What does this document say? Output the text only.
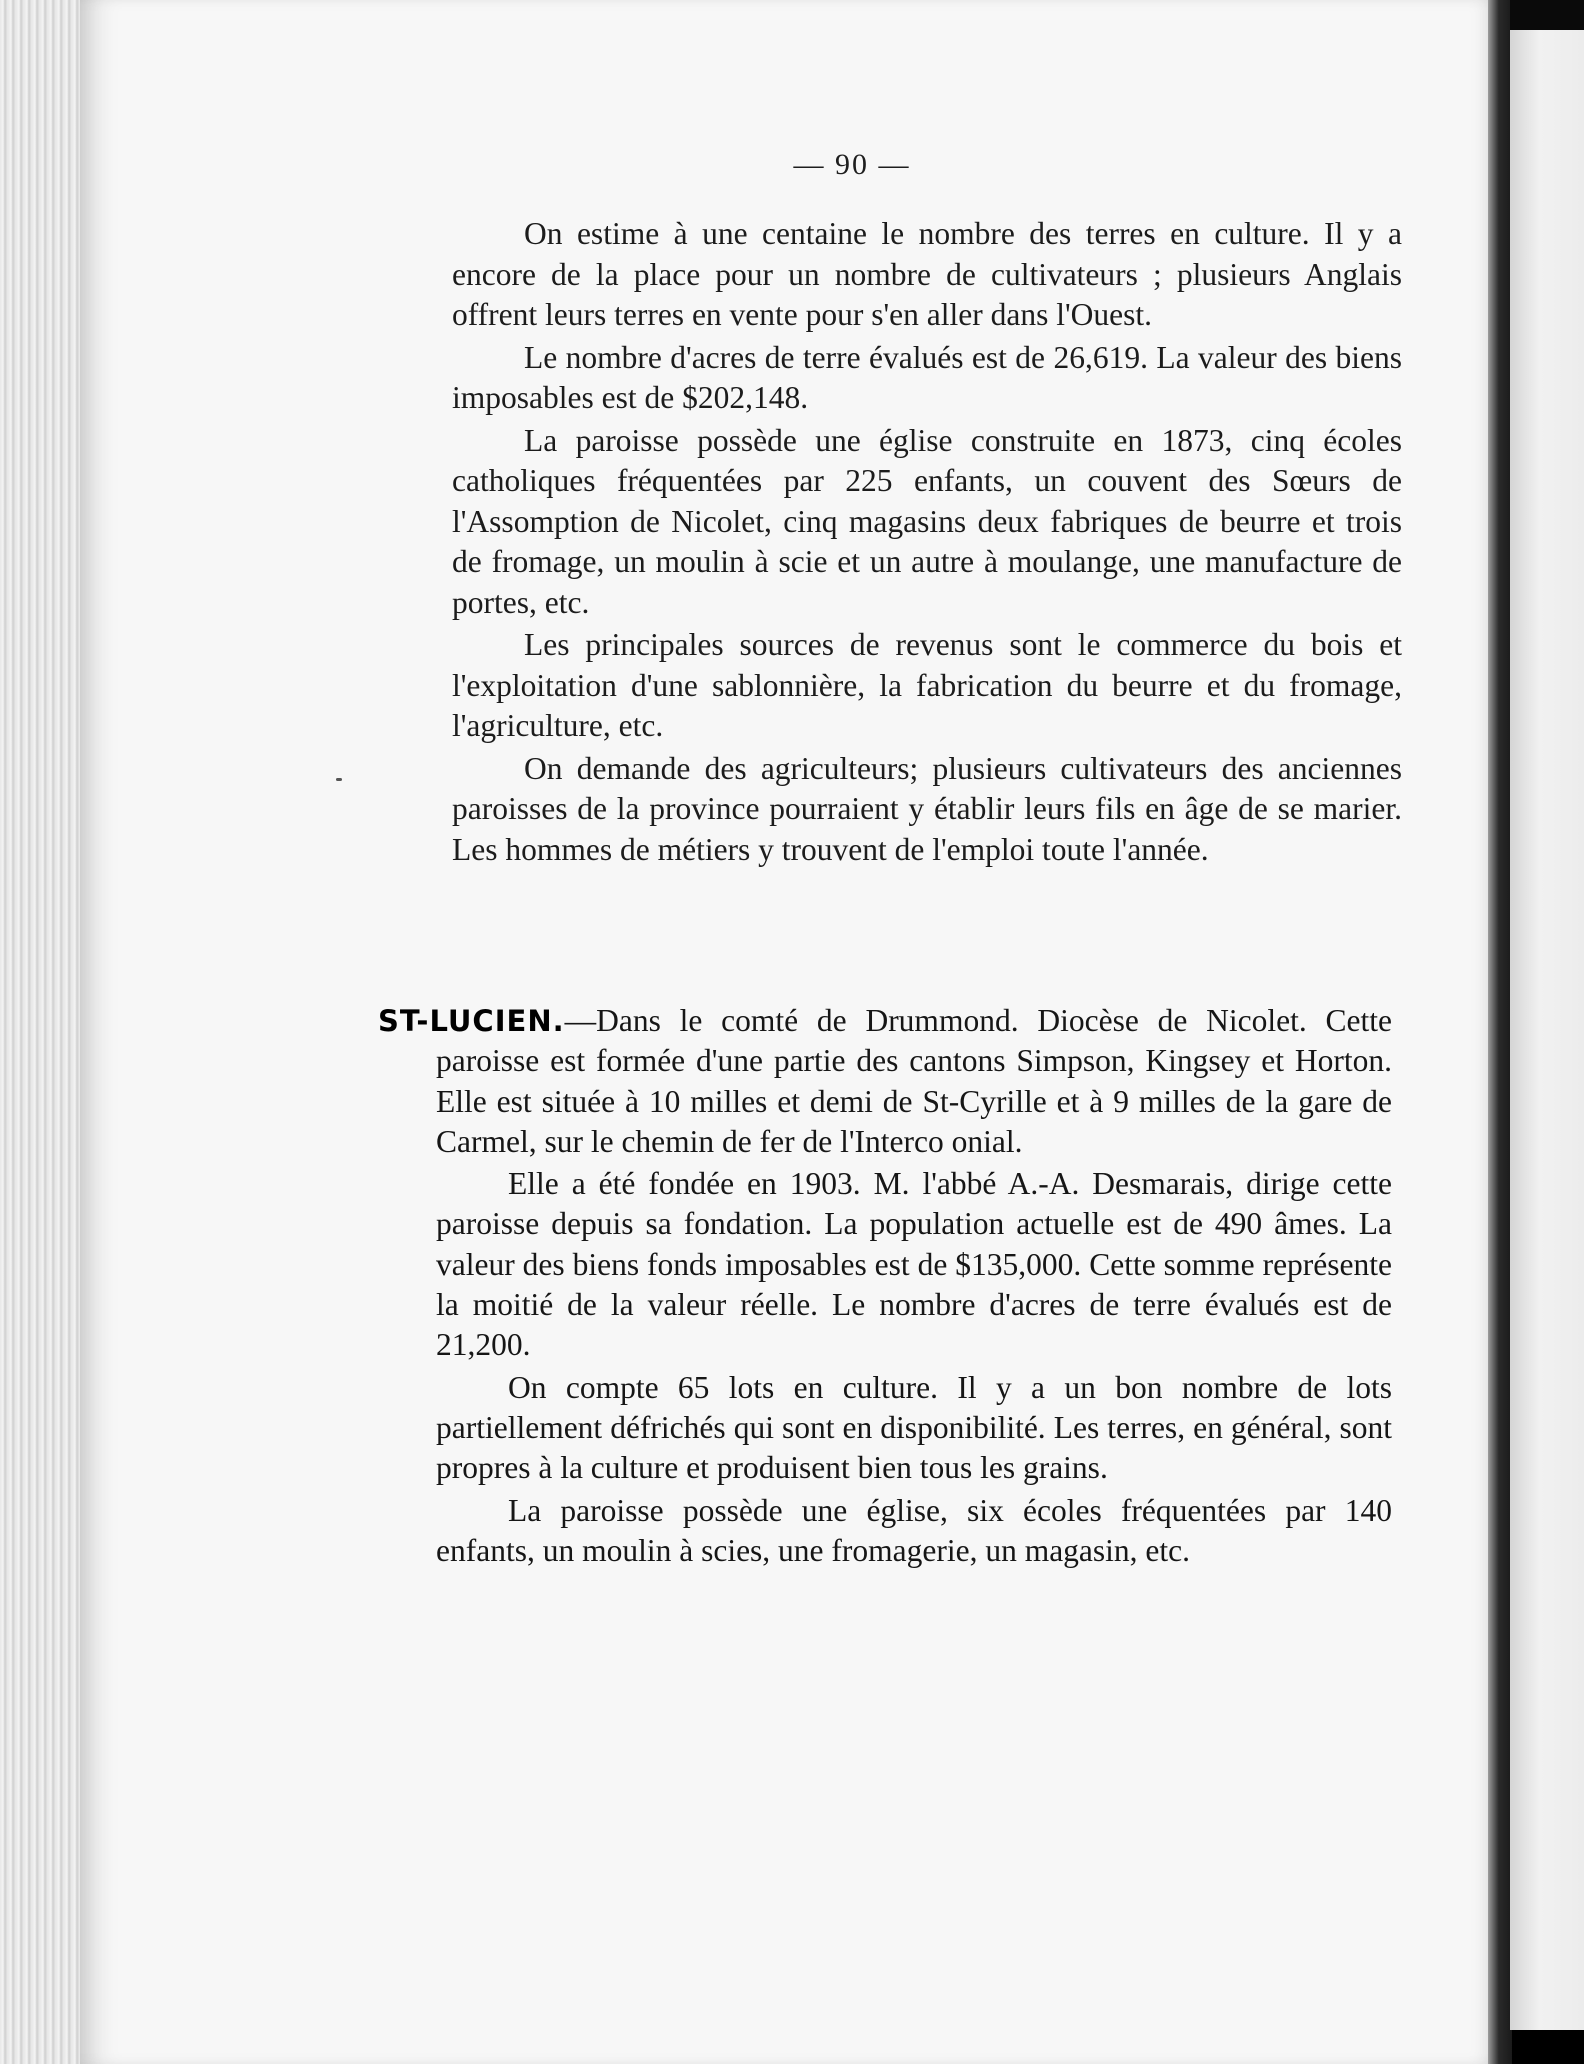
— 90 —

On estime à une centaine le nombre des terres en culture. Il y a encore de la place pour un nombre de cultivateurs ; plusieurs Anglais offrent leurs terres en vente pour s'en aller dans l'Ouest.

Le nombre d'acres de terre évalués est de 26,619. La valeur des biens imposables est de $202,148.

La paroisse possède une église construite en 1873, cinq écoles catholiques fréquentées par 225 enfants, un couvent des Sœurs de l'Assomption de Nicolet, cinq magasins deux fabriques de beurre et trois de fromage, un moulin à scie et un autre à moulange, une manufacture de portes, etc.

Les principales sources de revenus sont le commerce du bois et l'exploitation d'une sablonnière, la fabrication du beurre et du fromage, l'agriculture, etc.

On demande des agriculteurs; plusieurs cultivateurs des anciennes paroisses de la province pourraient y établir leurs fils en âge de se marier. Les hommes de métiers y trouvent de l'emploi toute l'année.

ST-LUCIEN.—Dans le comté de Drummond. Diocèse de Nicolet. Cette paroisse est formée d'une partie des cantons Simpson, Kingsey et Horton. Elle est située à 10 milles et demi de St-Cyrille et à 9 milles de la gare de Carmel, sur le chemin de fer de l'Interco onial.

Elle a été fondée en 1903. M. l'abbé A.-A. Desmarais, dirige cette paroisse depuis sa fondation. La population actuelle est de 490 âmes. La valeur des biens fonds imposables est de $135,000. Cette somme représente la moitié de la valeur réelle. Le nombre d'acres de terre évalués est de 21,200.

On compte 65 lots en culture. Il y a un bon nombre de lots partiellement défrichés qui sont en disponibilité. Les terres, en général, sont propres à la culture et produisent bien tous les grains.

La paroisse possède une église, six écoles fréquentées par 140 enfants, un moulin à scies, une fromagerie, un magasin, etc.
